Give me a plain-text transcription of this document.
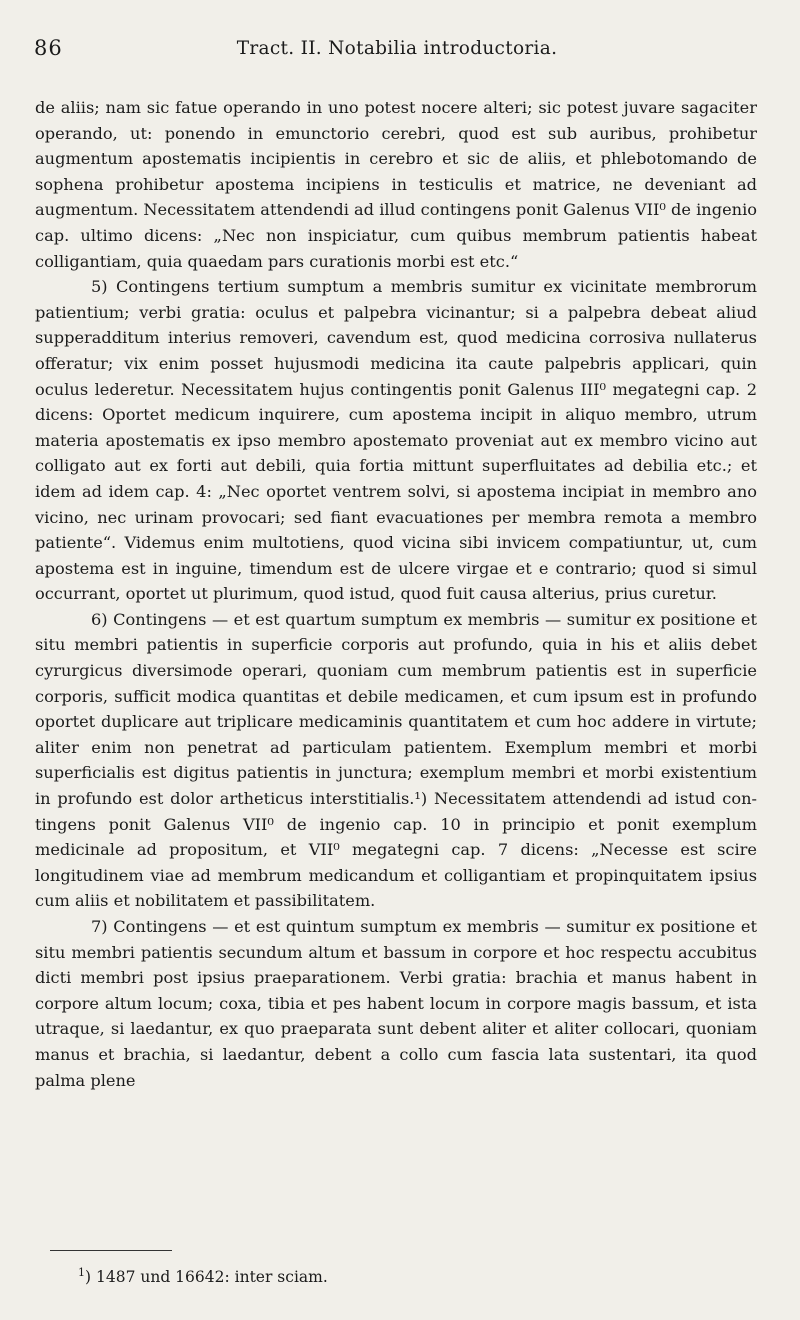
86	Tract. II. Notabilia introductoria.

de aliis; nam sic fatue operando in uno potest nocere alteri; sic potest juvare sagaciter operando, ut: ponendo in emunctorio cerebri, quod est sub auribus, prohibetur augmentum apostematis incipientis in cerebro et sic de aliis, et phlebotomando de sophena prohibetur apostema incipiens in testiculis et matrice, ne deveniant ad augmentum. Necessitatem attendendi ad illud contingens ponit Galenus VII⁰ de ingenio cap. ultimo dicens: „Nec non inspiciatur, cum quibus membrum patientis habeat colligantiam, quia quaedam pars curationis morbi est etc.“

5) Contingens tertium sumptum a membris sumitur ex vicinitate membrorum patientium; verbi gratia: oculus et palpebra vicinantur; si a palpebra debeat aliud supperadditum interius removeri, cavendum est, quod medicina corrosiva nullaterus offeratur; vix enim posset hujusmodi medicina ita caute palpebris applicari, quin oculus lederetur. Necessitatem hujus contingentis ponit Galenus III⁰ megategni cap. 2 dicens: Oportet medicum inquirere, cum apostema incipit in aliquo membro, utrum materia apostematis ex ipso membro apostemato proveniat aut ex membro vicino aut colligato aut ex forti aut debili, quia fortia mittunt superfluitates ad debilia etc.; et idem ad idem cap. 4: „Nec oportet ventrem solvi, si apostema incipiat in membro ano vicino, nec urinam provocari; sed fiant evacuationes per membra remota a membro patiente“. Videmus enim multotiens, quod vicina sibi invicem compatiuntur, ut, cum apostema est in inguine, timendum est de ulcere virgae et e contrario; quod si simul occurrant, oportet ut plurimum, quod istud, quod fuit causa alterius, prius curetur.

6) Contingens — et est quartum sumptum ex membris — sumitur ex positione et situ membri patientis in superficie corporis aut profundo, quia in his et aliis debet cyrurgicus diversimode operari, quoniam cum membrum patientis est in superficie corporis, sufficit modica quantitas et debile medicamen, et cum ipsum est in profundo oportet duplicare aut triplicare medicaminis quantitatem et cum hoc addere in virtute; aliter enim non penetrat ad particulam patientem. Exemplum membri et morbi superficialis est digitus patientis in junctura; exemplum membri et morbi existentium in profundo est dolor artheticus interstitialis.¹) Necessitatem attendendi ad istud contingens ponit Galenus VII⁰ de ingenio cap. 10 in principio et ponit exemplum medicinale ad propositum, et VII⁰ megategni cap. 7 dicens: „Necesse est scire longitudinem viae ad membrum medicandum et colligantiam et propinquitatem ipsius cum aliis et nobilitatem et passibilitatem.

7) Contingens — et est quintum sumptum ex membris — sumitur ex positione et situ membri patientis secundum altum et bassum in corpore et hoc respectu accubitus dicti membri post ipsius praeparationem. Verbi gratia: brachia et manus habent in corpore altum locum; coxa, tibia et pes habent locum in corpore magis bassum, et ista utraque, si laedantur, ex quo praeparata sunt debent aliter et aliter collocari, quoniam manus et brachia, si laedantur, debent a collo cum fascia lata sustentari, ita quod palma plene

$^1$) 1487 und 16642: inter sciam.
